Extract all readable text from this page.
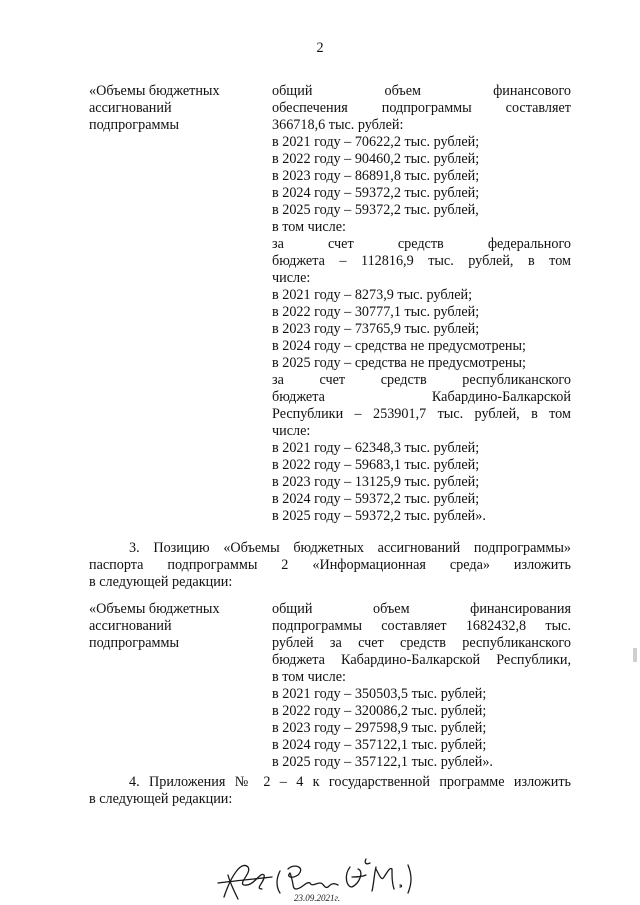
2
«Объемы бюджетных
ассигнований
подпрограммы
общий объем финансового
обеспечения подпрограммы составляет
366718,6 тыс. рублей:
в 2021 году – 70622,2 тыс. рублей;
в 2022 году – 90460,2 тыс. рублей;
в 2023 году – 86891,8 тыс. рублей;
в 2024 году – 59372,2 тыс. рублей;
в 2025 году – 59372,2 тыс. рублей,
в том числе:
за счет средств федерального
бюджета – 112816,9 тыс. рублей, в том
числе:
в 2021 году – 8273,9 тыс. рублей;
в 2022 году – 30777,1 тыс. рублей;
в 2023 году – 73765,9 тыс. рублей;
в 2024 году – средства не предусмотрены;
в 2025 году – средства не предусмотрены;
за счет средств республиканского
бюджета Кабардино-Балкарской
Республики – 253901,7 тыс. рублей, в том
числе:
в 2021 году – 62348,3 тыс. рублей;
в 2022 году – 59683,1 тыс. рублей;
в 2023 году – 13125,9 тыс. рублей;
в 2024 году – 59372,2 тыс. рублей;
в 2025 году – 59372,2 тыс. рублей».
3. Позицию «Объемы бюджетных ассигнований подпрограммы»
паспорта подпрограммы 2 «Информационная среда» изложить
в следующей редакции:
«Объемы бюджетных
ассигнований
подпрограммы
общий объем финансирования
подпрограммы составляет 1682432,8 тыс.
рублей за счет средств республиканского
бюджета Кабардино-Балкарской Республики,
в том числе:
в 2021 году – 350503,5 тыс. рублей;
в 2022 году – 320086,2 тыс. рублей;
в 2023 году – 297598,9 тыс. рублей;
в 2024 году – 357122,1 тыс. рублей;
в 2025 году – 357122,1 тыс. рублей».
4. Приложения № 2 – 4 к государственной программе изложить
в следующей редакции:
23.09.2021г.
